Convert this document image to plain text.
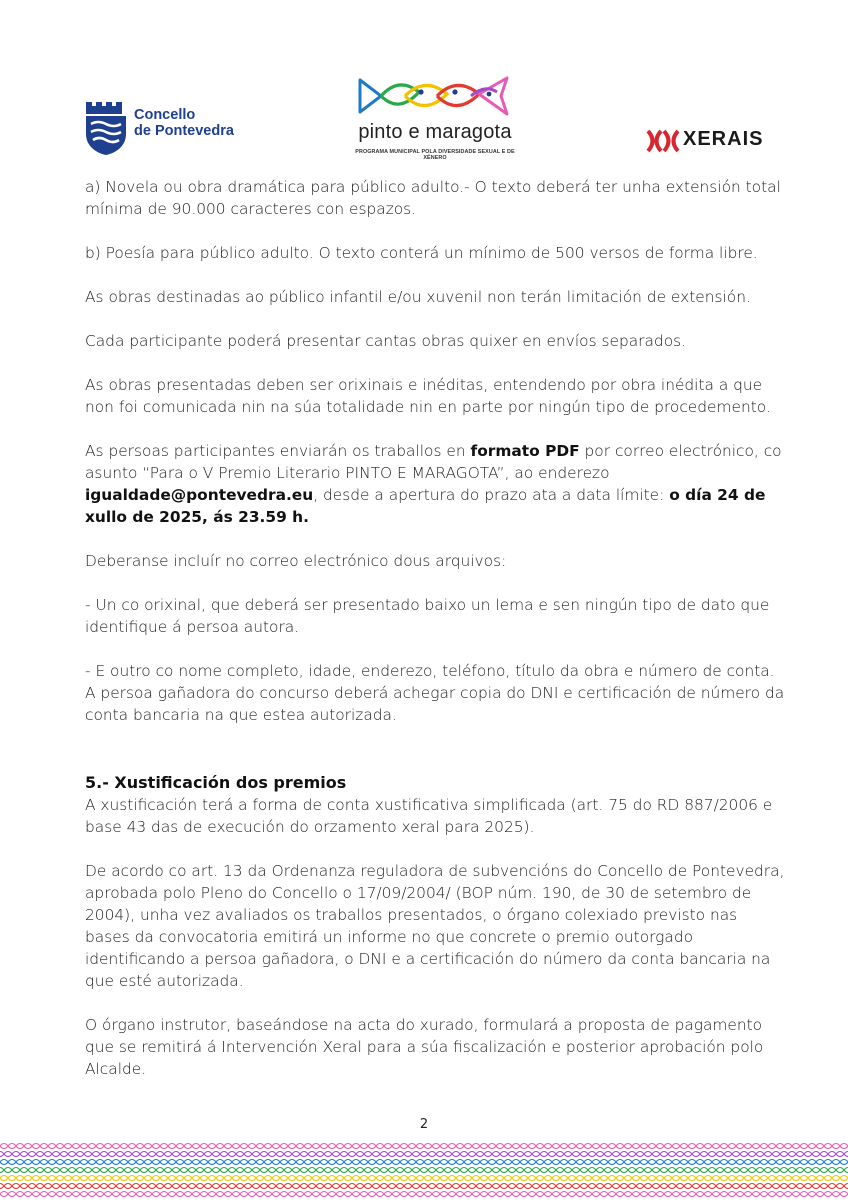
Concello
de Pontevedra	pinto e maragota
PROGRAMA MUNICIPAL POLA DIVERSIDADE SEXUAL E DE XÉNERO
XERAIS

a) Novela ou obra dramática para público adulto.- O texto deberá ter unha extensión total mínima de 90.000 caracteres con espazos.

b) Poesía para público adulto. O texto conterá un mínimo de 500 versos de forma libre.

As obras destinadas ao público infantil e/ou xuvenil non terán limitación de extensión.

Cada participante poderá presentar cantas obras quixer en envíos separados.

As obras presentadas deben ser orixinais e inéditas, entendendo por obra inédita a que non foi comunicada nin na súa totalidade nin en parte por ningún tipo de procedemento.

As persoas participantes enviarán os traballos en formato PDF por correo electrónico, co asunto “Para o V Premio Literario PINTO E MARAGOTA”, ao enderezo igualdade@pontevedra.eu, desde a apertura do prazo ata a data límite: o día 24 de xullo de 2025, ás 23.59 h.

Deberanse incluír no correo electrónico dous arquivos:

- Un co orixinal, que deberá ser presentado baixo un lema e sen ningún tipo de dato que identifique á persoa autora.

- E outro co nome completo, idade, enderezo, teléfono, título da obra e número de conta. A persoa gañadora do concurso deberá achegar copia do DNI e certificación de número da conta bancaria na que estea autorizada.

5.- Xustificación dos premios

A xustificación terá a forma de conta xustificativa simplificada (art. 75 do RD 887/2006 e base 43 das de execución do orzamento xeral para 2025).

De acordo co art. 13 da Ordenanza reguladora de subvencións do Concello de Pontevedra, aprobada polo Pleno do Concello o 17/09/2004/ (BOP núm. 190, de 30 de setembro de 2004), unha vez avaliados os traballos presentados, o órgano colexiado previsto nas bases da convocatoria emitirá un informe no que concrete o premio outorgado identificando a persoa gañadora, o DNI e a certificación do número da conta bancaria na que esté autorizada.

O órgano instrutor, baseándose na acta do xurado, formulará a proposta de pagamento que se remitirá á Intervención Xeral para a súa fiscalización e posterior aprobación polo Alcalde.

2
